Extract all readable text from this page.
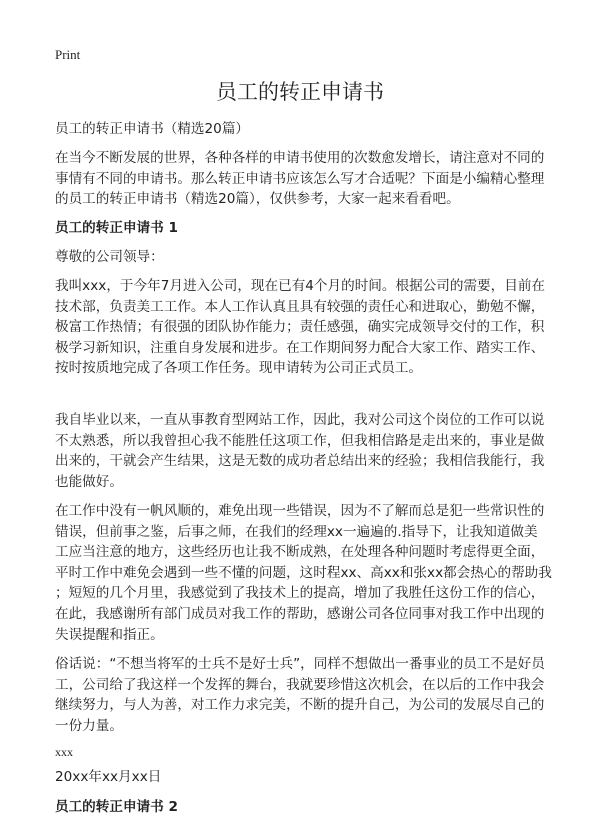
Print
员工的转正申请书
员工的转正申请书（精选20篇）
在当今不断发展的世界，各种各样的申请书使用的次数愈发增长，请注意对不同的
事情有不同的申请书。那么转正申请书应该怎么写才合适呢？下面是小编精心整理
的员工的转正申请书（精选20篇），仅供参考，大家一起来看看吧。
员工的转正申请书 1
尊敬的公司领导：
我叫xxx，于今年7月进入公司，现在已有4个月的时间。根据公司的需要，目前在
技术部，负责美工工作。本人工作认真且具有较强的责任心和进取心，勤勉不懈，
极富工作热情；有很强的团队协作能力；责任感强，确实完成领导交付的工作，积
极学习新知识，注重自身发展和进步。在工作期间努力配合大家工作、踏实工作、
按时按质地完成了各项工作任务。现申请转为公司正式员工。
我自毕业以来，一直从事教育型网站工作，因此，我对公司这个岗位的工作可以说
不太熟悉，所以我曾担心我不能胜任这项工作，但我相信路是走出来的，事业是做
出来的，干就会产生结果，这是无数的成功者总结出来的经验；我相信我能行，我
也能做好。
在工作中没有一帆风顺的，难免出现一些错误，因为不了解而总是犯一些常识性的
错误，但前事之鉴，后事之师，在我们的经理xx一遍遍的.指导下，让我知道做美
工应当注意的地方，这些经历也让我不断成熟，在处理各种问题时考虑得更全面，
平时工作中难免会遇到一些不懂的问题，这时程xx、高xx和张xx都会热心的帮助我
；短短的几个月里，我感觉到了我技术上的提高，增加了我胜任这份工作的信心，
在此，我感谢所有部门成员对我工作的帮助，感谢公司各位同事对我工作中出现的
失误提醒和指正。
俗话说：“不想当将军的士兵不是好士兵”，同样不想做出一番事业的员工不是好员
工，公司给了我这样一个发挥的舞台，我就要珍惜这次机会，在以后的工作中我会
继续努力，与人为善，对工作力求完美，不断的提升自己，为公司的发展尽自己的
一份力量。
xxx
20xx年xx月xx日
员工的转正申请书 2
